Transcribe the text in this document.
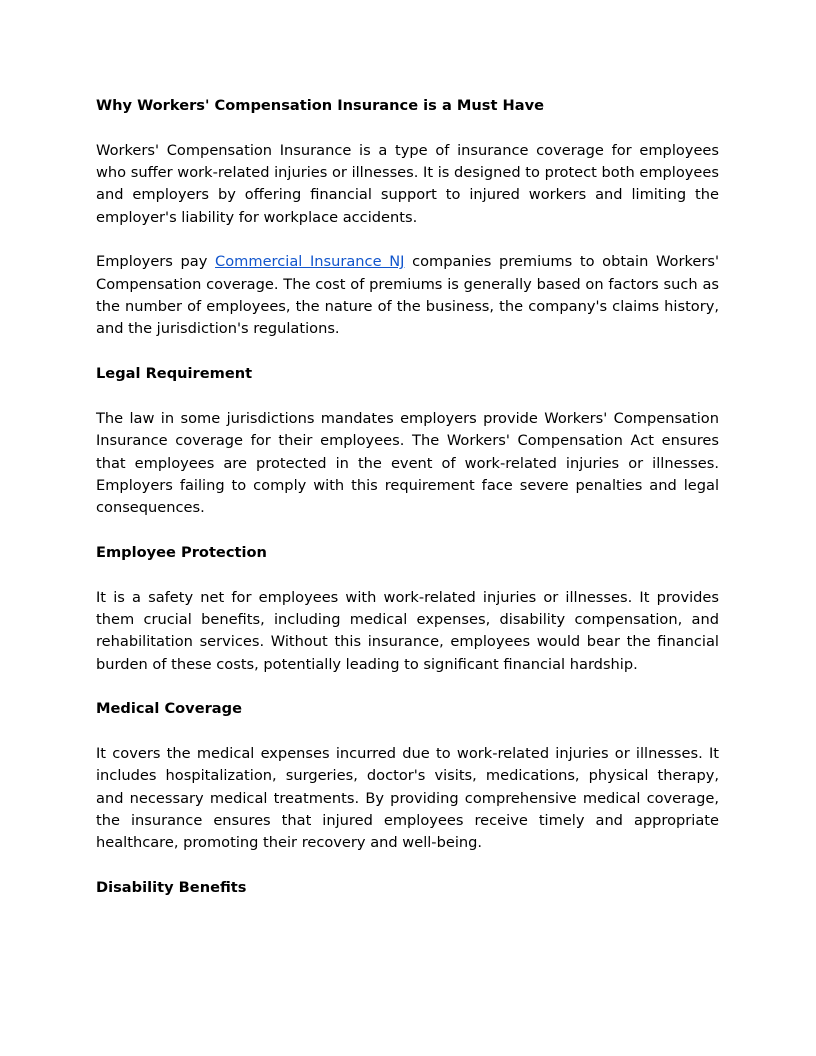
Why Workers' Compensation Insurance is a Must Have

Workers' Compensation Insurance is a type of insurance coverage for employees who suffer work-related injuries or illnesses. It is designed to protect both employees and employers by offering financial support to injured workers and limiting the employer's liability for workplace accidents.

Employers pay Commercial Insurance NJ companies premiums to obtain Workers' Compensation coverage. The cost of premiums is generally based on factors such as the number of employees, the nature of the business, the company's claims history, and the jurisdiction's regulations.

Legal Requirement

The law in some jurisdictions mandates employers provide Workers' Compensation Insurance coverage for their employees. The Workers' Compensation Act ensures that employees are protected in the event of work-related injuries or illnesses. Employers failing to comply with this requirement face severe penalties and legal consequences.

Employee Protection

It is a safety net for employees with work-related injuries or illnesses. It provides them crucial benefits, including medical expenses, disability compensation, and rehabilitation services. Without this insurance, employees would bear the financial burden of these costs, potentially leading to significant financial hardship.

Medical Coverage

It covers the medical expenses incurred due to work-related injuries or illnesses. It includes hospitalization, surgeries, doctor's visits, medications, physical therapy, and necessary medical treatments. By providing comprehensive medical coverage, the insurance ensures that injured employees receive timely and appropriate healthcare, promoting their recovery and well-being.

Disability Benefits
